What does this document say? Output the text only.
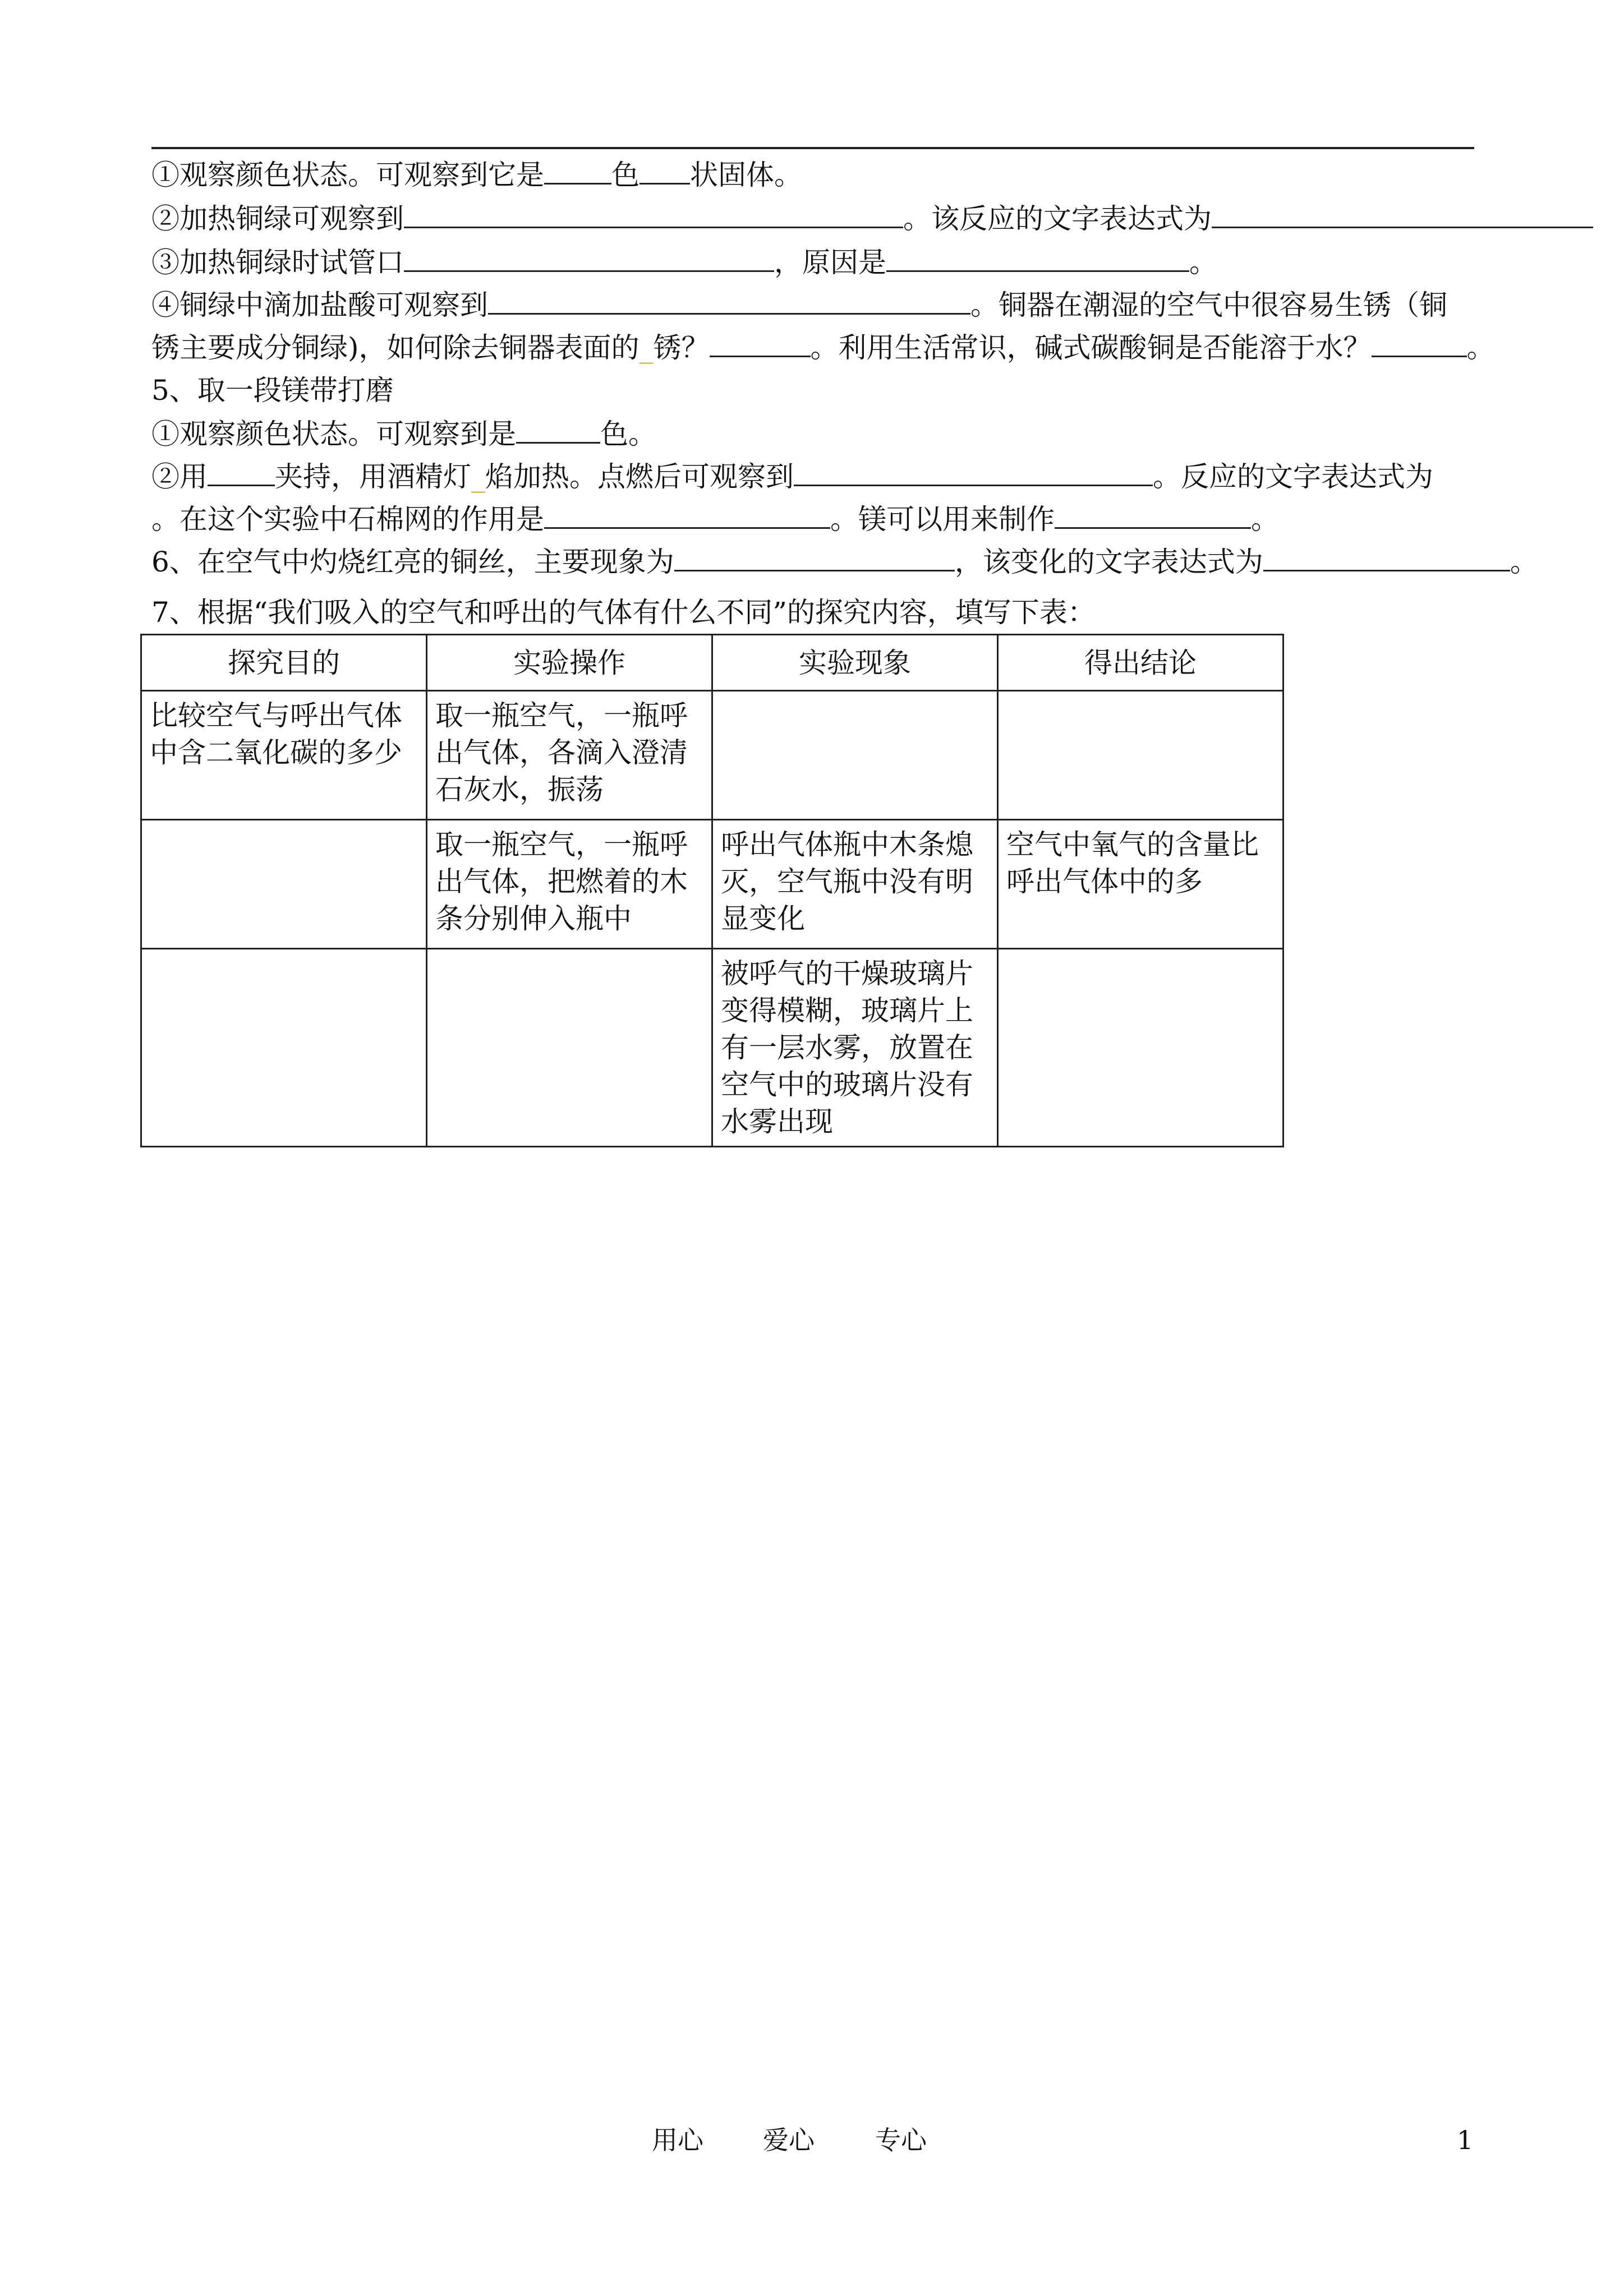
①观察颜色状态。可观察到它是 色 状固体。
②加热铜绿可观察到	。该反应的文字表达式为
③加热铜绿时试管口	，原因是	。
④铜绿中滴加盐酸可观察到	。铜器在潮湿的空气中很容易生锈（铜
锈主要成分铜绿)，如何除去铜器表面的_锈？	。利用生活常识，碱式碳酸铜是否能溶于水？	。
5、取一段镁带打磨
①观察颜色状态。可观察到是	色。
②用 夹持，用酒精灯_焰加热。点燃后可观察到	。反应的文字表达式为
。在这个实验中石棉网的作用是	。镁可以用来制作	。
6、在空气中灼烧红亮的铜丝，主要现象为	，该变化的文字表达式为	。
7、根据“我们吸入的空气和呼出的气体有什么不同”的探究内容，填写下表：
探究目的	实验操作	实验现象	得出结论
比较空气与呼出气体中含二氧化碳的多少	取一瓶空气，一瓶呼出气体，各滴入澄清石灰水，振荡		
	取一瓶空气，一瓶呼出气体，把燃着的木条分别伸入瓶中	呼出气体瓶中木条熄灭，空气瓶中没有明显变化	空气中氧气的含量比呼出气体中的多
		被呼气的干燥玻璃片变得模糊，玻璃片上有一层水雾，放置在空气中的玻璃片没有水雾出现	
用心 爱心 专心	1
